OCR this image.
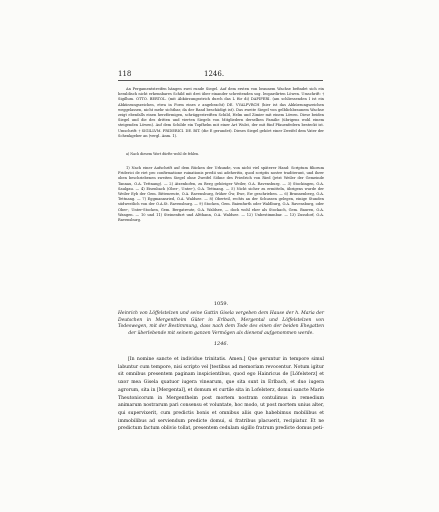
118	1246.
An Pergamentstreifen hängen zwei runde Siegel. Auf dem ersten von braunem Wachse befindet sich ein heraldisch nicht erkennbares Schild mit drei über einander schreitenden sog. leopardirten Löwen. Umschrift: † Sigillum. OTTO. BERTOL. (mit Abkürzungsstrich durch das L für di) DAPIFERI. (am schliessenden I ist ein Abkürzungszeichen, etwa in Form eines z angebracht) DE. VVALPVRCH (hier ist das Abkürzungszeichen weggelassen, nicht mehr sichtbar, da der Rand beschädigt ist). Das zweite Siegel von gelblichbraunem Wachse zeigt ebenfalls einen herzförmigen, schräggestreiften Schild, Helm und Zimier mit einem Löwen. Diese beiden Siegel und die des dritten und vierten Siegels von Mitgliedern derselben Familie (übrigens wohl einem steigenden Löwen). Auf dem Schilde ein Topfhelm mit einer Art Wulst, der mit fünf Pfauenfedern besteckt ist. Umschrift: † SIGILLVM. FRIDERICI. DE. BIT. (die E gerundet). Dieses Siegel gehört einer Zweifel dem Vater der Schenkgeber an (vergl. Anm. 1).
a) Nach diesem Wort dürfte wohl de fehlen.
1) Nach einer Aufschrift auf dem Rücken der Urkunde, von nicht viel späterer Hand: Scriptum filiorum Friderici de riet pro confirmatione ruinationis predii sui adeheritis, quod scriptis nostre traditerunt, und ihrer oben beschriebenen zweiten Siegel ohne Zweifel Söhne des Friedrich von Ried (jetzt Weiler der Gemeinde Tannau, O.A. Tettnang). — 2) Atzenhofen, zu Berg gehöriger Weiler, O.A. Ravensburg. — 3) Stockingen, O.A. Saulgau. — 4) Eisenbach (Ober-, Unter-), O.A. Tettnang. — 5) Nicht sicher zu ermitteln, übrigens wurde der Weiler Eyb der Gem. Bittenreute, O.A. Ravensburg, früher Öw, Ewe, Ew geschrieben. — 6) Brunnenberg, O.A. Tettnang. — 7) Eggmannsried, O.A. Waldsee. — 8) Oberteil, rechts an der Schussen gelegen, einige Stunden südwestlich von der O.A.St. Ravensburg. — 9) Stocken, Gem. Baienfurth oder Waldburg, O.A. Ravensburg, oder Ober-, Unter-Stocken, Gem. Bergatreute, O.A. Waldsee, — doch wohl eher als Stockach, Gem. Bauren, O.A. Wangen. — 10 und 11) Steinenfurt und Altthann, O.A. Waldsee. — 12) Unbestimmbar. — 13) Zussdorf, O.A. Ravensburg.
1059.
Heinrich von Löffelstelzen und seine Gattin Gisela vergeben dem Hause der h. Maria der Deutschen in Mergentheim Güter in Erlbach, Mergental und Löffelstelzen von Todeswegen, mit der Bestimmung, dass nach dem Tode des einen der beiden Ehegatten der überlebende mit seinem ganzen Vermögen als dienend aufgenommen werde.
1246.
[In nomine sancte et individue trinitatis. Amen.] Que geruntur in tempore simul labuntur cum tempore, nisi scripto vel [testibus ad memoriam revocentur. Notum igitur sit omnibus presentem paginam inspicientibus, quod ego Hainricus de [Löfelsterz] et uxor mea Gisela quatuor iugera vinearum, que sita sunt in Erlbach, et duo iugera agrorum, sita in [Mergental], et domum et curtile sita in Lofelsterz, domui sancte Marie Theutonicorum in Mergentheim post mortem nostram contulimus in remedium animarum nostrarum pari consensu et voluntate, hoc modo, ut post mortem unius alter, qui supervixerit, cum predictis bonis et omnibus aliis que habebimus mobilibus et immobilibus ad serviendum predicte domui, si fratribus placuerit, recipiatur. Et ne predictum factum oblivio tollat, presentem cedulam sigillo fratrum predicte domus peti-
